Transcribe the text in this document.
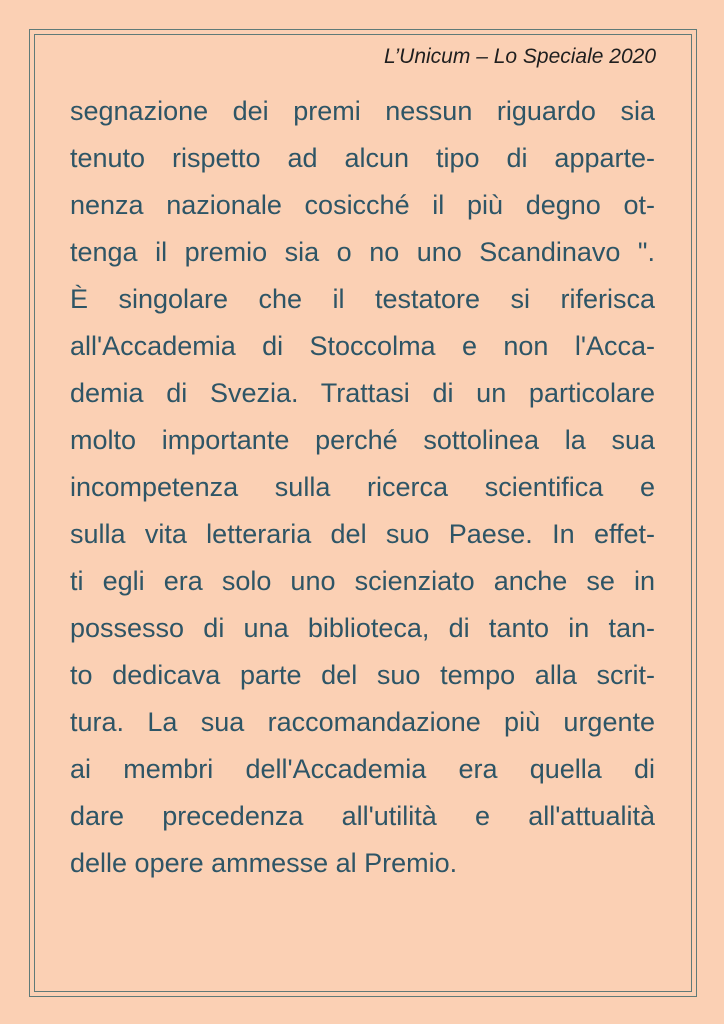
L’Unicum – Lo Speciale 2020
segnazione dei premi nessun riguardo sia
tenuto rispetto ad alcun tipo di apparte-
nenza nazionale cosicché il più degno ot-
tenga il premio sia o no uno Scandinavo ".
È singolare che il testatore si riferisca
all'Accademia di Stoccolma e non l'Acca-
demia di Svezia. Trattasi di un particolare
molto importante perché sottolinea la sua
incompetenza sulla ricerca scientifica e
sulla vita letteraria del suo Paese. In effet-
ti egli era solo uno scienziato anche se in
possesso di una biblioteca, di tanto in tan-
to dedicava parte del suo tempo alla scrit-
tura. La sua raccomandazione più urgente
ai membri dell'Accademia era quella di
dare precedenza all'utilità e all'attualità
delle opere ammesse al Premio.
